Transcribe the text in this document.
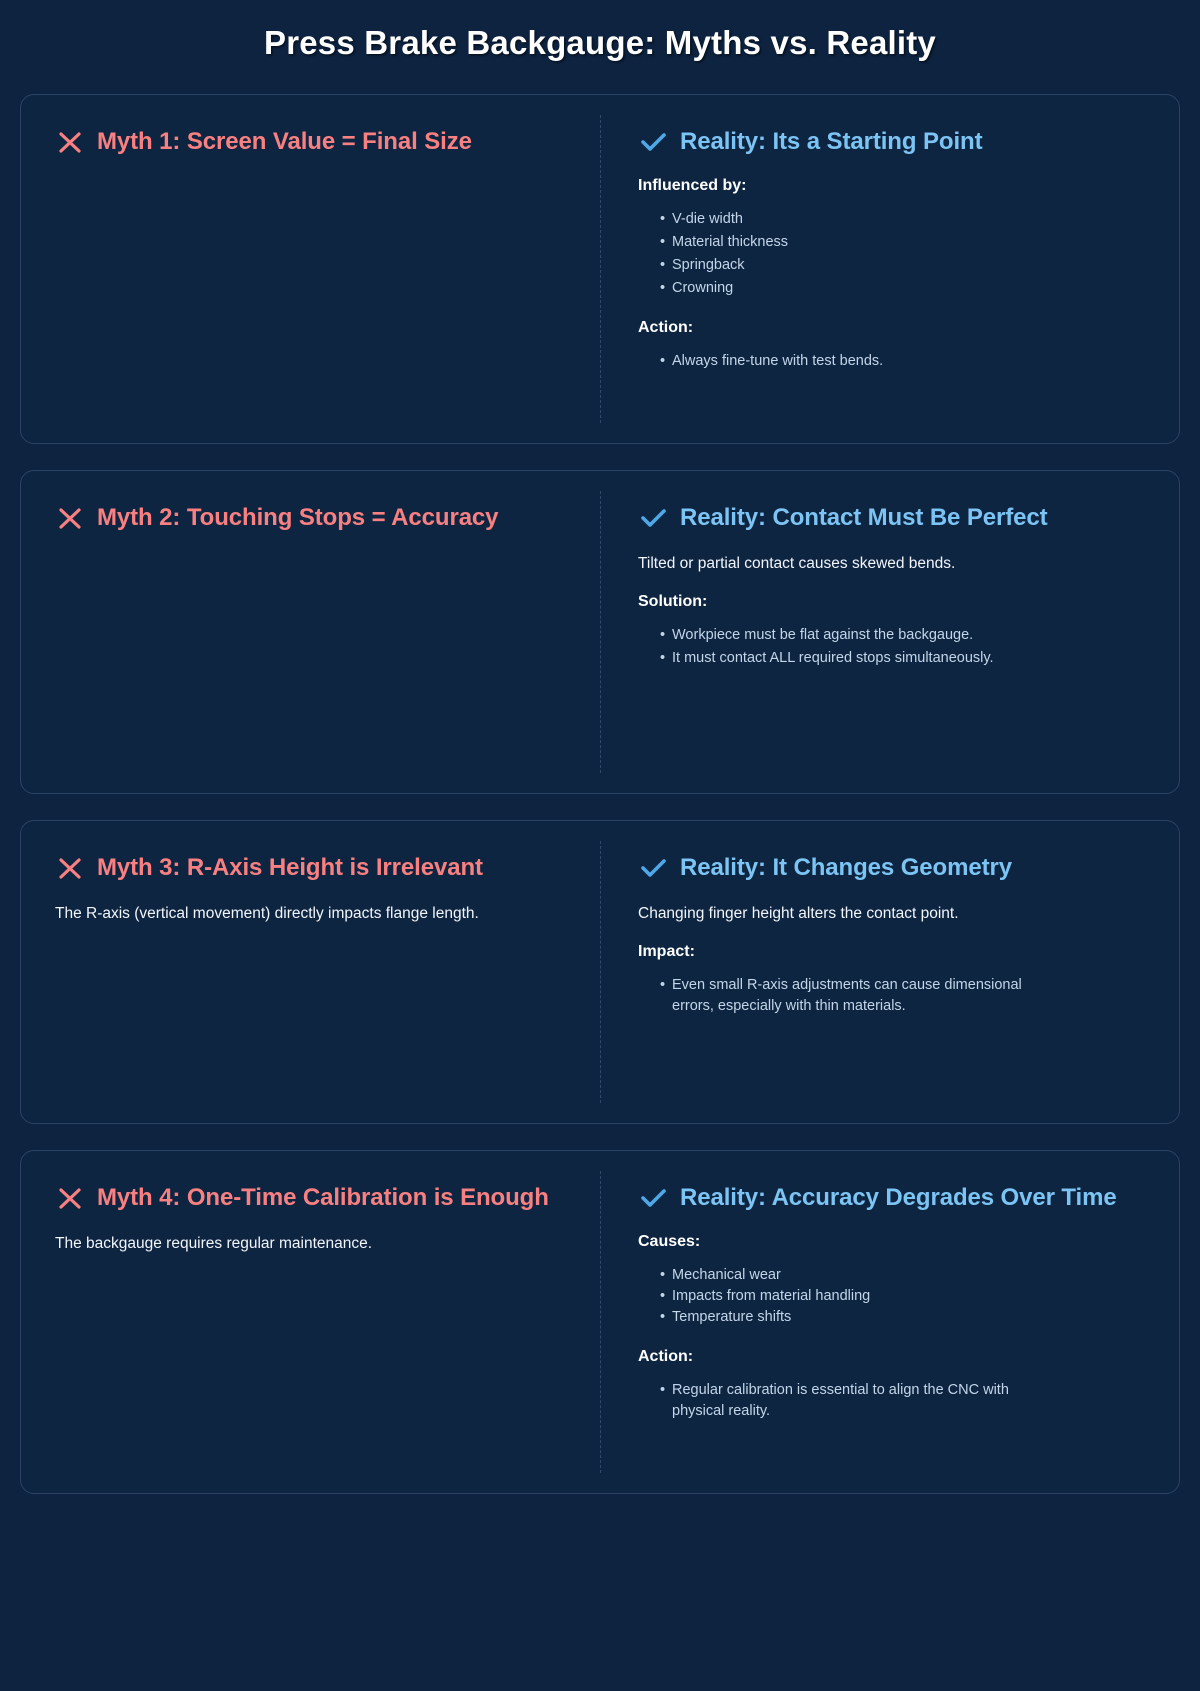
Press Brake Backgauge: Myths vs. Reality
Myth 1: Screen Value = Final Size	Reality: Its a Starting Point
Influenced by:
• V-die width
• Material thickness
• Springback
• Crowning
Action:
• Always fine-tune with test bends.
Myth 2: Touching Stops = Accuracy	Reality: Contact Must Be Perfect
Tilted or partial contact causes skewed bends.
Solution:
• Workpiece must be flat against the backgauge.
• It must contact ALL required stops simultaneously.
Myth 3: R-Axis Height is Irrelevant
The R-axis (vertical movement) directly impacts flange length.
Reality: It Changes Geometry
Changing finger height alters the contact point.
Impact:
• Even small R-axis adjustments can cause dimensional errors, especially with thin materials.
Myth 4: One-Time Calibration is Enough
The backgauge requires regular maintenance.
Reality: Accuracy Degrades Over Time
Causes:
• Mechanical wear
• Impacts from material handling
• Temperature shifts
Action:
• Regular calibration is essential to align the CNC with physical reality.
